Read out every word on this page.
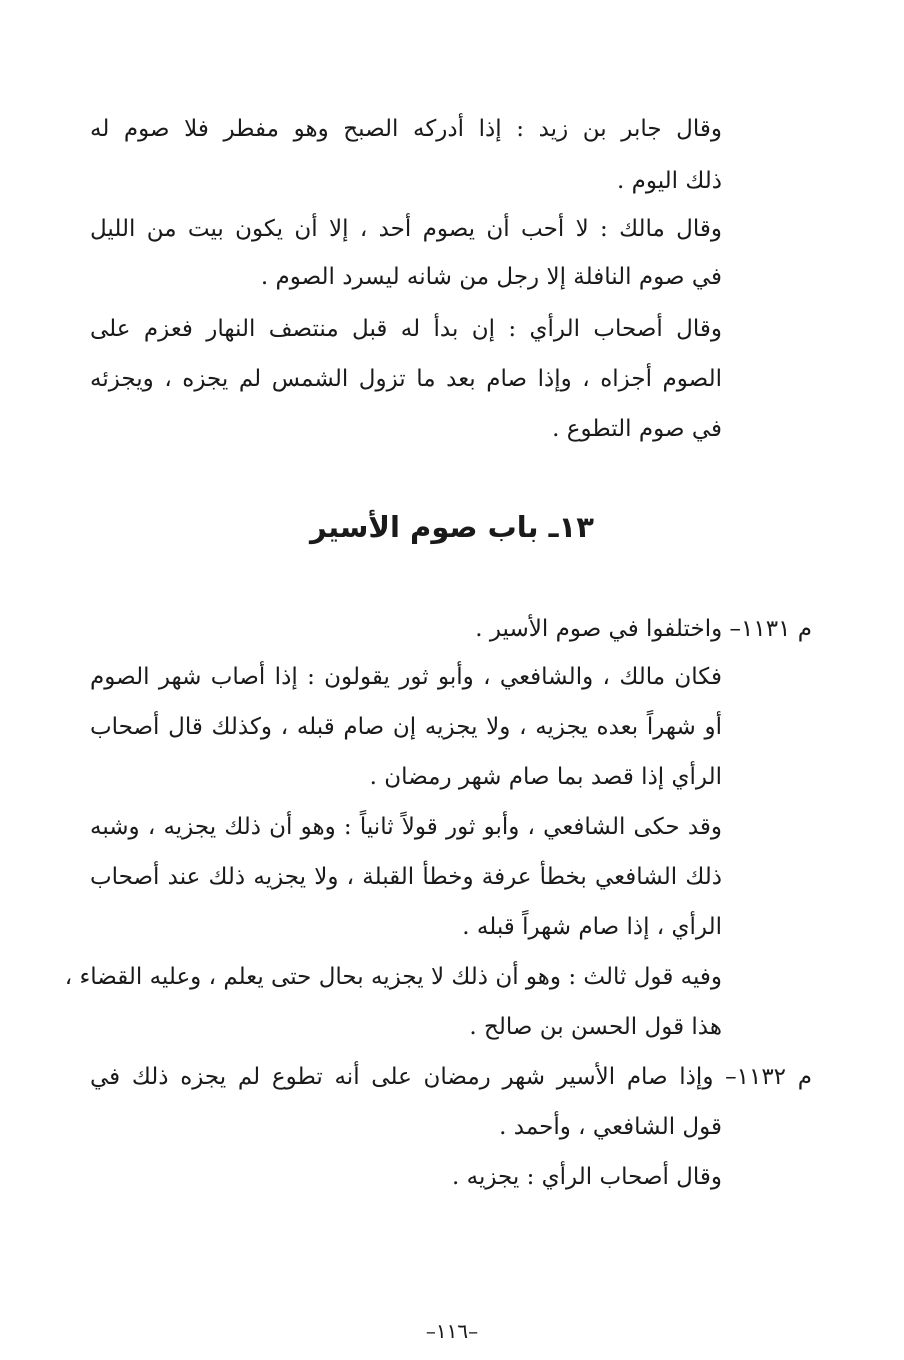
وقال جابر بن زيد : إذا أدركه الصبح وهو مفطر فلا صوم له
ذلك اليوم .
وقال مالك : لا أحب أن يصوم أحد ، إلا أن يكون بيت من الليل
في صوم النافلة إلا رجل من شانه ليسرد الصوم .
وقال أصحاب الرأي : إن بدأ له قبل منتصف النهار فعزم على
الصوم أجزاه ، وإذا صام بعد ما تزول الشمس لم يجزه ، ويجزئه
في صوم التطوع .
١٣ـ باب صوم الأسير
م ١١٣١– واختلفوا في صوم الأسير .
فكان مالك ، والشافعي ، وأبو ثور يقولون : إذا أصاب شهر الصوم
أو شهراً بعده يجزيه ، ولا يجزيه إن صام قبله ، وكذلك قال أصحاب
الرأي إذا قصد بما صام شهر رمضان .
وقد حكى الشافعي ، وأبو ثور قولاً ثانياً : وهو أن ذلك يجزيه ، وشبه
ذلك الشافعي بخطأ عرفة وخطأ القبلة ، ولا يجزيه ذلك عند أصحاب
الرأي ، إذا صام شهراً قبله .
وفيه قول ثالث : وهو أن ذلك لا يجزيه بحال حتى يعلم ، وعليه القضاء ،
هذا قول الحسن بن صالح .
م ١١٣٢– وإذا صام الأسير شهر رمضان على أنه تطوع لم يجزه ذلك في
قول الشافعي ، وأحمد .
وقال أصحاب الرأي : يجزيه .
–١١٦–
